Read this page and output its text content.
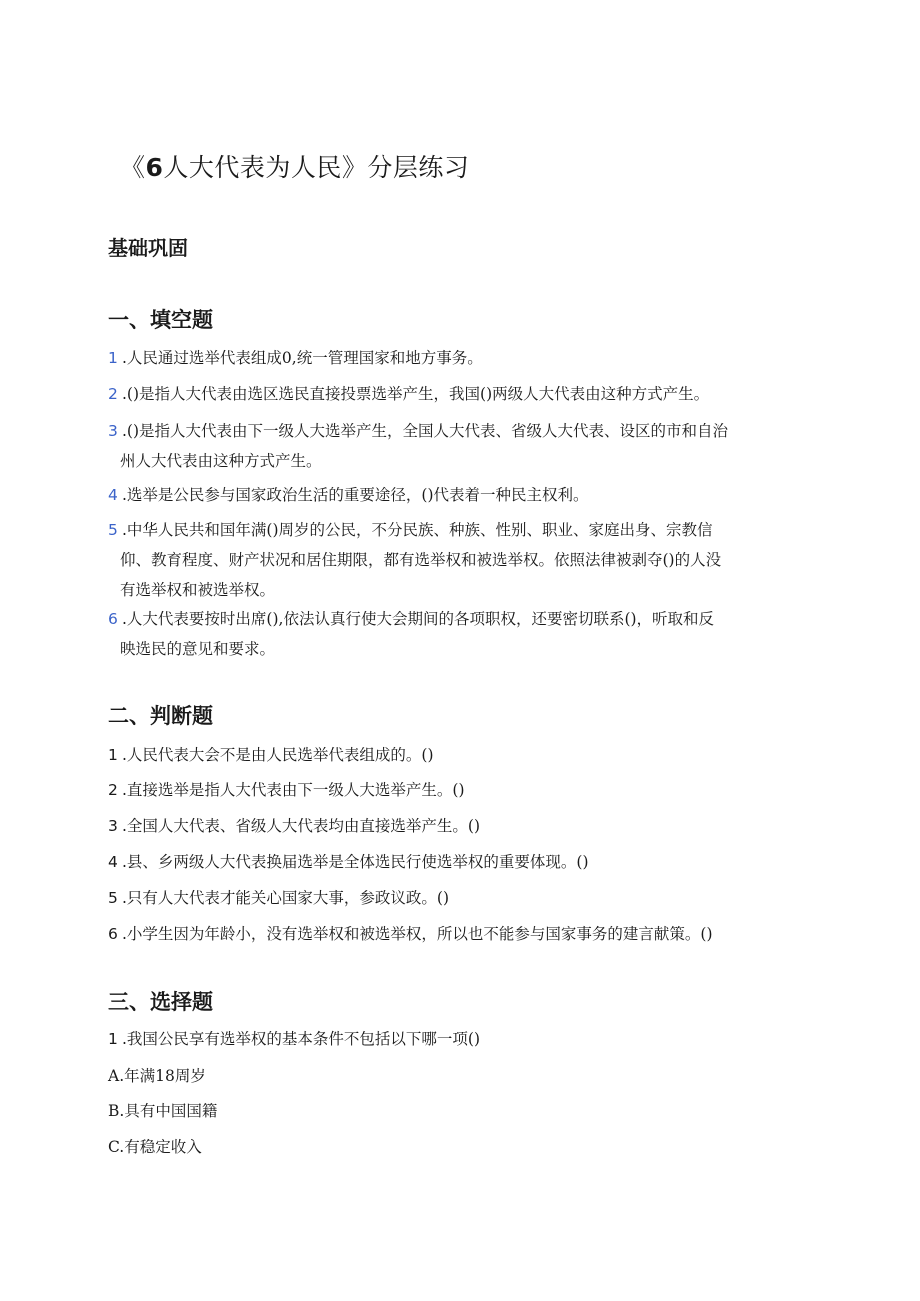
《6人大代表为人民》分层练习
基础巩固
一、填空题

1 .人民通过选举代表组成0,统一管理国家和地方事务。

2 .()是指人大代表由选区选民直接投票选举产生，我国()两级人大代表由这种方式产生。

3 .()是指人大代表由下一级人大选举产生，全国人大代表、省级人大代表、设区的市和自治
州人大代表由这种方式产生。

4 .选举是公民参与国家政治生活的重要途径，()代表着一种民主权利。

5 .中华人民共和国年满()周岁的公民，不分民族、种族、性别、职业、家庭出身、宗教信
仰、教育程度、财产状况和居住期限，都有选举权和被选举权。依照法律被剥夺()的人没
有选举权和被选举权。

6 .人大代表要按时出席(),依法认真行使大会期间的各项职权，还要密切联系()，听取和反
映选民的意见和要求。

二、判断题

1 .人民代表大会不是由人民选举代表组成的。()

2 .直接选举是指人大代表由下一级人大选举产生。()

3 .全国人大代表、省级人大代表均由直接选举产生。()

4 .县、乡两级人大代表换届选举是全体选民行使选举权的重要体现。()

5 .只有人大代表才能关心国家大事，参政议政。()

6 .小学生因为年龄小，没有选举权和被选举权，所以也不能参与国家事务的建言献策。()

三、选择题

1 .我国公民享有选举权的基本条件不包括以下哪一项()

A.年满18周岁

B.具有中国国籍

C.有稳定收入
